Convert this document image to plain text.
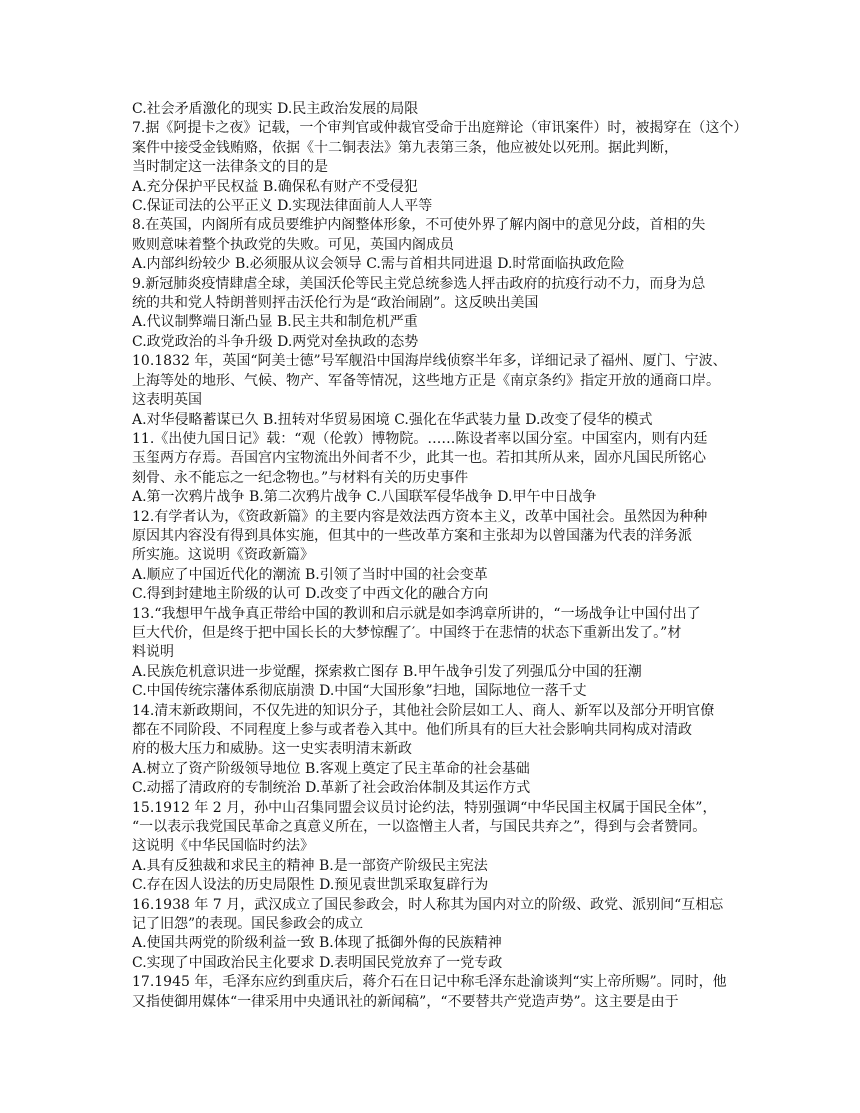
C.社会矛盾激化的现实 D.民主政治发展的局限
7.据《阿提卡之夜》记载，一个审判官或仲裁官受命于出庭辩论（审讯案件）时，被揭穿在（这个）
案件中接受金钱贿赂，依据《十二铜表法》第九表第三条，他应被处以死刑。据此判断，
当时制定这一法律条文的目的是
A.充分保护平民权益 B.确保私有财产不受侵犯
C.保证司法的公平正义 D.实现法律面前人人平等
8.在英国，内阁所有成员要维护内阁整体形象，不可使外界了解内阁中的意见分歧，首相的失
败则意味着整个执政党的失败。可见，英国内阁成员
A.内部纠纷较少 B.必须服从议会领导 C.需与首相共同进退 D.时常面临执政危险
9.新冠肺炎疫情肆虐全球，美国沃伦等民主党总统参选人抨击政府的抗疫行动不力，而身为总
统的共和党人特朗普则抨击沃伦行为是“政治闹剧”。这反映出美国
A.代议制弊端日渐凸显 B.民主共和制危机严重
C.政党政治的斗争升级 D.两党对垒执政的态势
10.1832 年，英国“阿美士德”号军舰沿中国海岸线侦察半年多，详细记录了福州、厦门、宁波、
上海等处的地形、气候、物产、军备等情况，这些地方正是《南京条约》指定开放的通商口岸。
这表明英国
A.对华侵略蓄谋已久 B.扭转对华贸易困境 C.强化在华武装力量 D.改变了侵华的模式
11.《出使九国日记》载：“观（伦敦）博物院。……陈设者率以国分室。中国室内，则有内廷
玉玺两方存焉。吾国宫内宝物流出外间者不少，此其一也。若扣其所从来，固亦凡国民所铭心
刻骨、永不能忘之一纪念物也。”与材料有关的历史事件
A.第一次鸦片战争 B.第二次鸦片战争 C.八国联军侵华战争 D.甲午中日战争
12.有学者认为，《资政新篇》的主要内容是效法西方资本主义，改革中国社会。虽然因为种种
原因其内容没有得到具体实施，但其中的一些改革方案和主张却为以曾国藩为代表的洋务派
所实施。这说明《资政新篇》
A.顺应了中国近代化的潮流 B.引领了当时中国的社会变革
C.得到封建地主阶级的认可 D.改变了中西文化的融合方向
13.“我想甲午战争真正带给中国的教训和启示就是如李鸿章所讲的，“一场战争让中国付出了
巨大代价，但是终于把中国长长的大梦惊醒了′。中国终于在悲情的状态下重新出发了。”材
料说明
A.民族危机意识进一步觉醒，探索救亡图存 B.甲午战争引发了列强瓜分中国的狂潮
C.中国传统宗藩体系彻底崩溃 D.中国“大国形象”扫地，国际地位一落千丈
14.清末新政期间，不仅先进的知识分子，其他社会阶层如工人、商人、新军以及部分开明官僚
都在不同阶段、不同程度上参与或者卷入其中。他们所具有的巨大社会影响共同构成对清政
府的极大压力和威胁。这一史实表明清末新政
A.树立了资产阶级领导地位 B.客观上奠定了民主革命的社会基础
C.动摇了清政府的专制统治 D.革新了社会政治体制及其运作方式
15.1912 年 2 月，孙中山召集同盟会议员讨论约法，特别强调“中华民国主权属于国民全体”，
“一以表示我党国民革命之真意义所在，一以盗憎主人者，与国民共弃之”，得到与会者赞同。
这说明《中华民国临时约法》
A.具有反独裁和求民主的精神 B.是一部资产阶级民主宪法
C.存在因人设法的历史局限性 D.预见袁世凯采取复辟行为
16.1938 年 7 月，武汉成立了国民参政会，时人称其为国内对立的阶级、政党、派别间“互相忘
记了旧怨”的表现。国民参政会的成立
A.使国共两党的阶级利益一致 B.体现了抵御外侮的民族精神
C.实现了中国政治民主化要求 D.表明国民党放弃了一党专政
17.1945 年，毛泽东应约到重庆后，蒋介石在日记中称毛泽东赴渝谈判“实上帝所赐”。同时，他
又指使御用媒体“一律采用中央通讯社的新闻稿”，“不要替共产党造声势”。这主要是由于
